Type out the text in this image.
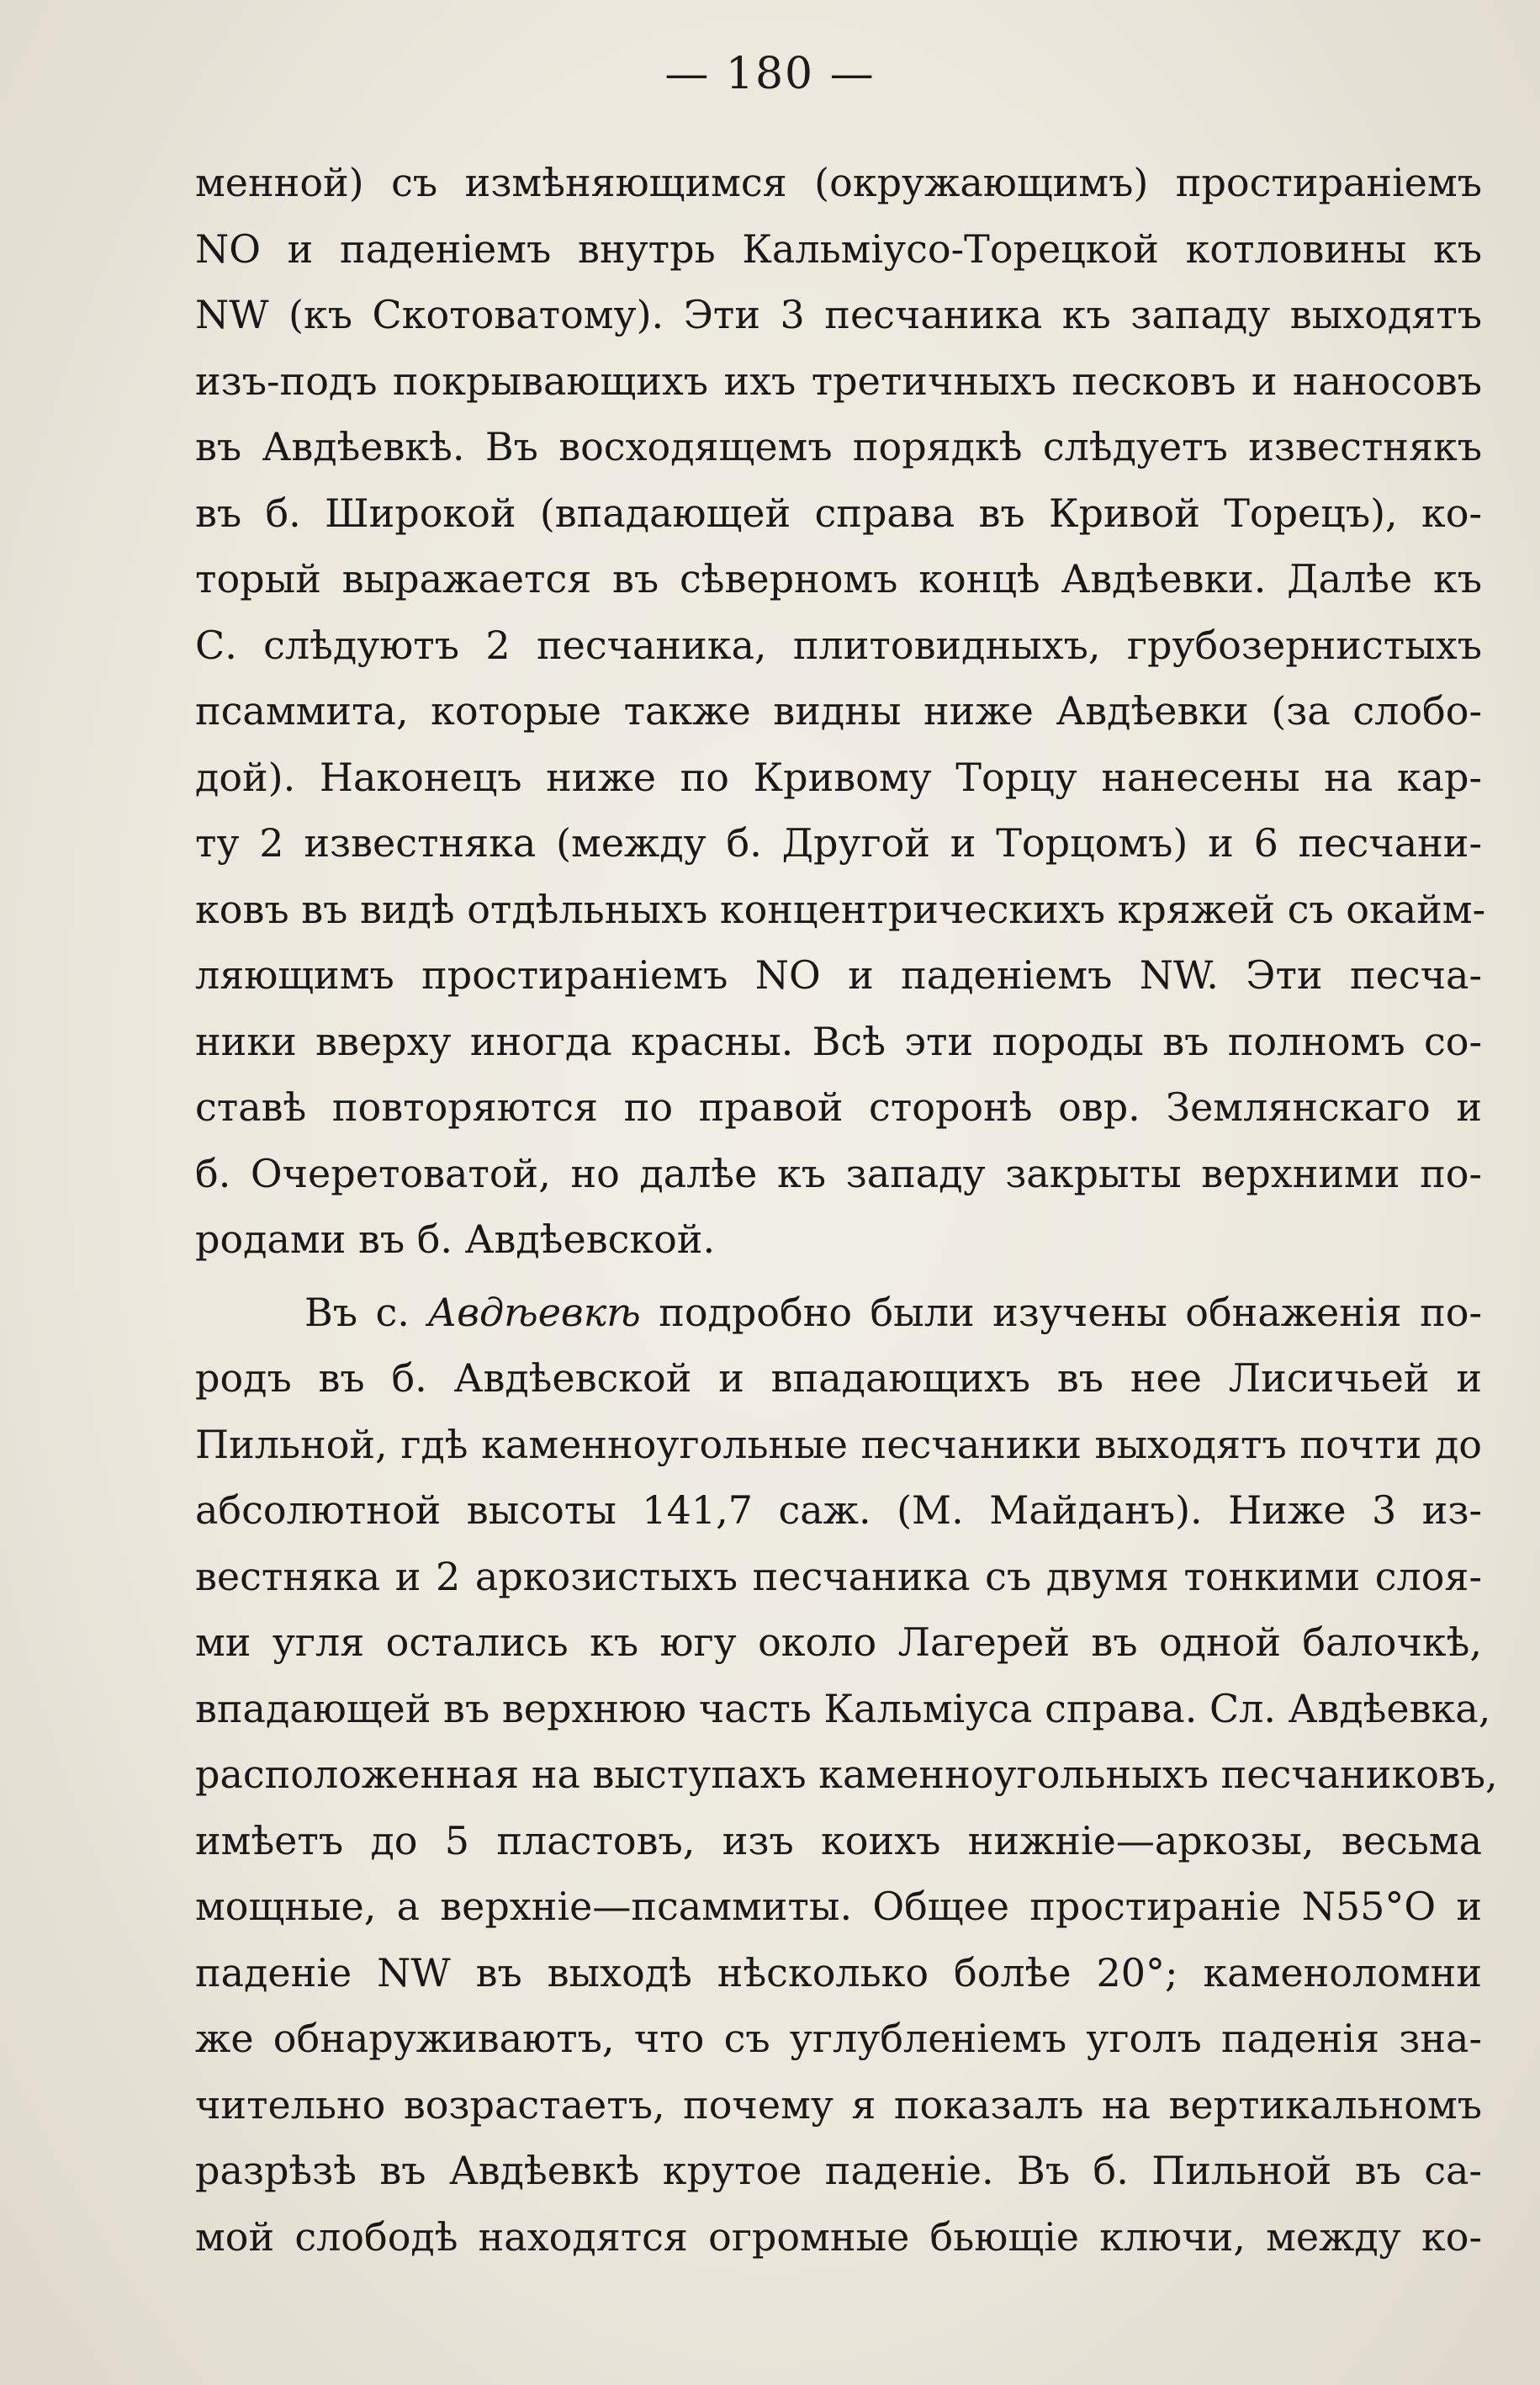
— 180 —
менной) съ измѣняющимся (окружающимъ) простираніемъ
NO и паденіемъ внутрь Кальміусо-Торецкой котловины къ
NW (къ Скотоватому). Эти 3 песчаника къ западу выходятъ
изъ-подъ покрывающихъ ихъ третичныхъ песковъ и наносовъ
въ Авдѣевкѣ. Въ восходящемъ порядкѣ слѣдуетъ известнякъ
въ б. Широкой (впадающей справа въ Кривой Торецъ), ко-
торый выражается въ сѣверномъ концѣ Авдѣевки. Далѣе къ
С. слѣдуютъ 2 песчаника, плитовидныхъ, грубозернистыхъ
псаммита, которые также видны ниже Авдѣевки (за слобо-
дой). Наконецъ ниже по Кривому Торцу нанесены на кар-
ту 2 известняка (между б. Другой и Торцомъ) и 6 песчани-
ковъ въ видѣ отдѣльныхъ концентрическихъ кряжей съ окайм-
ляющимъ простираніемъ NO и паденіемъ NW. Эти песча-
ники вверху иногда красны. Всѣ эти породы въ полномъ со-
ставѣ повторяются по правой сторонѣ овр. Землянскаго и
б. Очеретоватой, но далѣе къ западу закрыты верхними по-
родами въ б. Авдѣевской.
Въ с. Авдѣевкѣ подробно были изучены обнаженія по-
родъ въ б. Авдѣевской и впадающихъ въ нее Лисичьей и
Пильной, гдѣ каменноугольные песчаники выходятъ почти до
абсолютной высоты 141,7 саж. (М. Майданъ). Ниже 3 из-
вестняка и 2 аркозистыхъ песчаника съ двумя тонкими слоя-
ми угля остались къ югу около Лагерей въ одной балочкѣ,
впадающей въ верхнюю часть Кальміуса справа. Сл. Авдѣевка,
расположенная на выступахъ каменноугольныхъ песчаниковъ,
имѣетъ до 5 пластовъ, изъ коихъ нижніе—аркозы, весьма
мощные, а верхніе—псаммиты. Общее простираніе N55°O и
паденіе NW въ выходѣ нѣсколько болѣе 20°; каменоломни
же обнаруживаютъ, что съ углубленіемъ уголъ паденія зна-
чительно возрастаетъ, почему я показалъ на вертикальномъ
разрѣзѣ въ Авдѣевкѣ крутое паденіе. Въ б. Пильной въ са-
мой слободѣ находятся огромные бьющіе ключи, между ко-
